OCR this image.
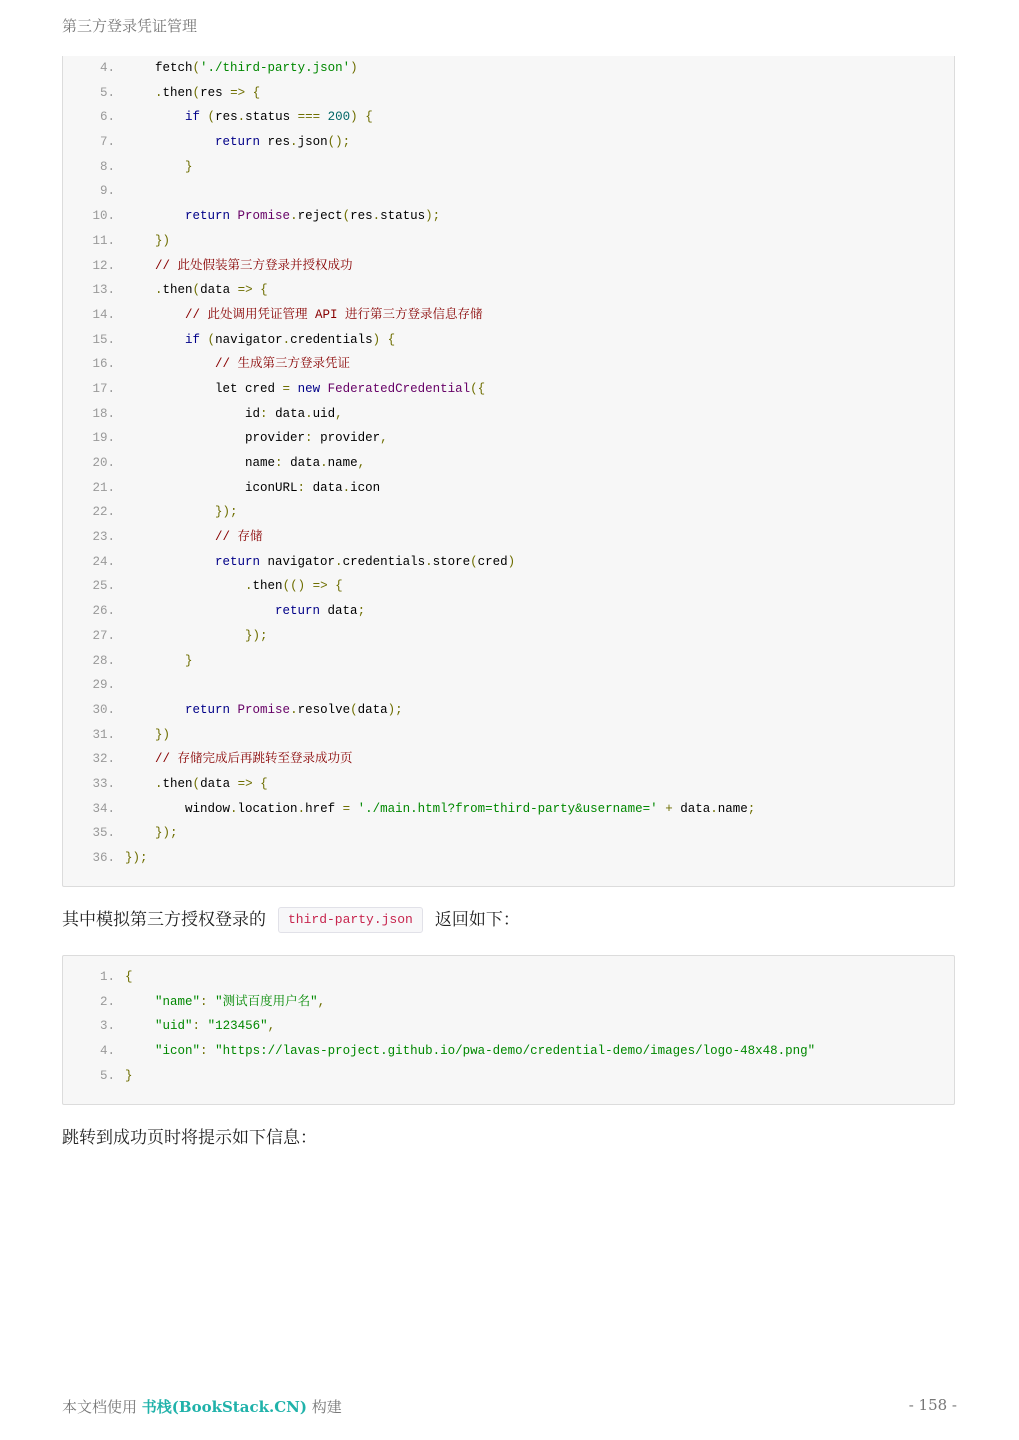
第三方登录凭证管理
4.	fetch('./third-party.json')
5.	.then(res => {
6.	if (res.status === 200) {
7.	return res.json();
8.	}
9.
10.	return Promise.reject(res.status);
11.	})
12.	// 此处假装第三方登录并授权成功
13.	.then(data => {
14.	// 此处调用凭证管理 API 进行第三方登录信息存储
15.	if (navigator.credentials) {
16.	// 生成第三方登录凭证
17.	let cred = new FederatedCredential({
18.	id: data.uid,
19.	provider: provider,
20.	name: data.name,
21.	iconURL: data.icon
22.	});
23.	// 存储
24.	return navigator.credentials.store(cred)
25.	.then(() => {
26.	return data;
27.	});
28.	}
29.
30.	return Promise.resolve(data);
31.	})
32.	// 存储完成后再跳转至登录成功页
33.	.then(data => {
34.	window.location.href = './main.html?from=third-party&username=' + data.name;
35.	});
36. });
其中模拟第三方授权登录的 third-party.json 返回如下：
1. {
2.	"name": "测试百度用户名",
3.	"uid": "123456",
4.	"icon": "https://lavas-project.github.io/pwa-demo/credential-demo/images/logo-48x48.png"
5. }
跳转到成功页时将提示如下信息：
本文档使用 书栈(BookStack.CN) 构建	- 158 -
